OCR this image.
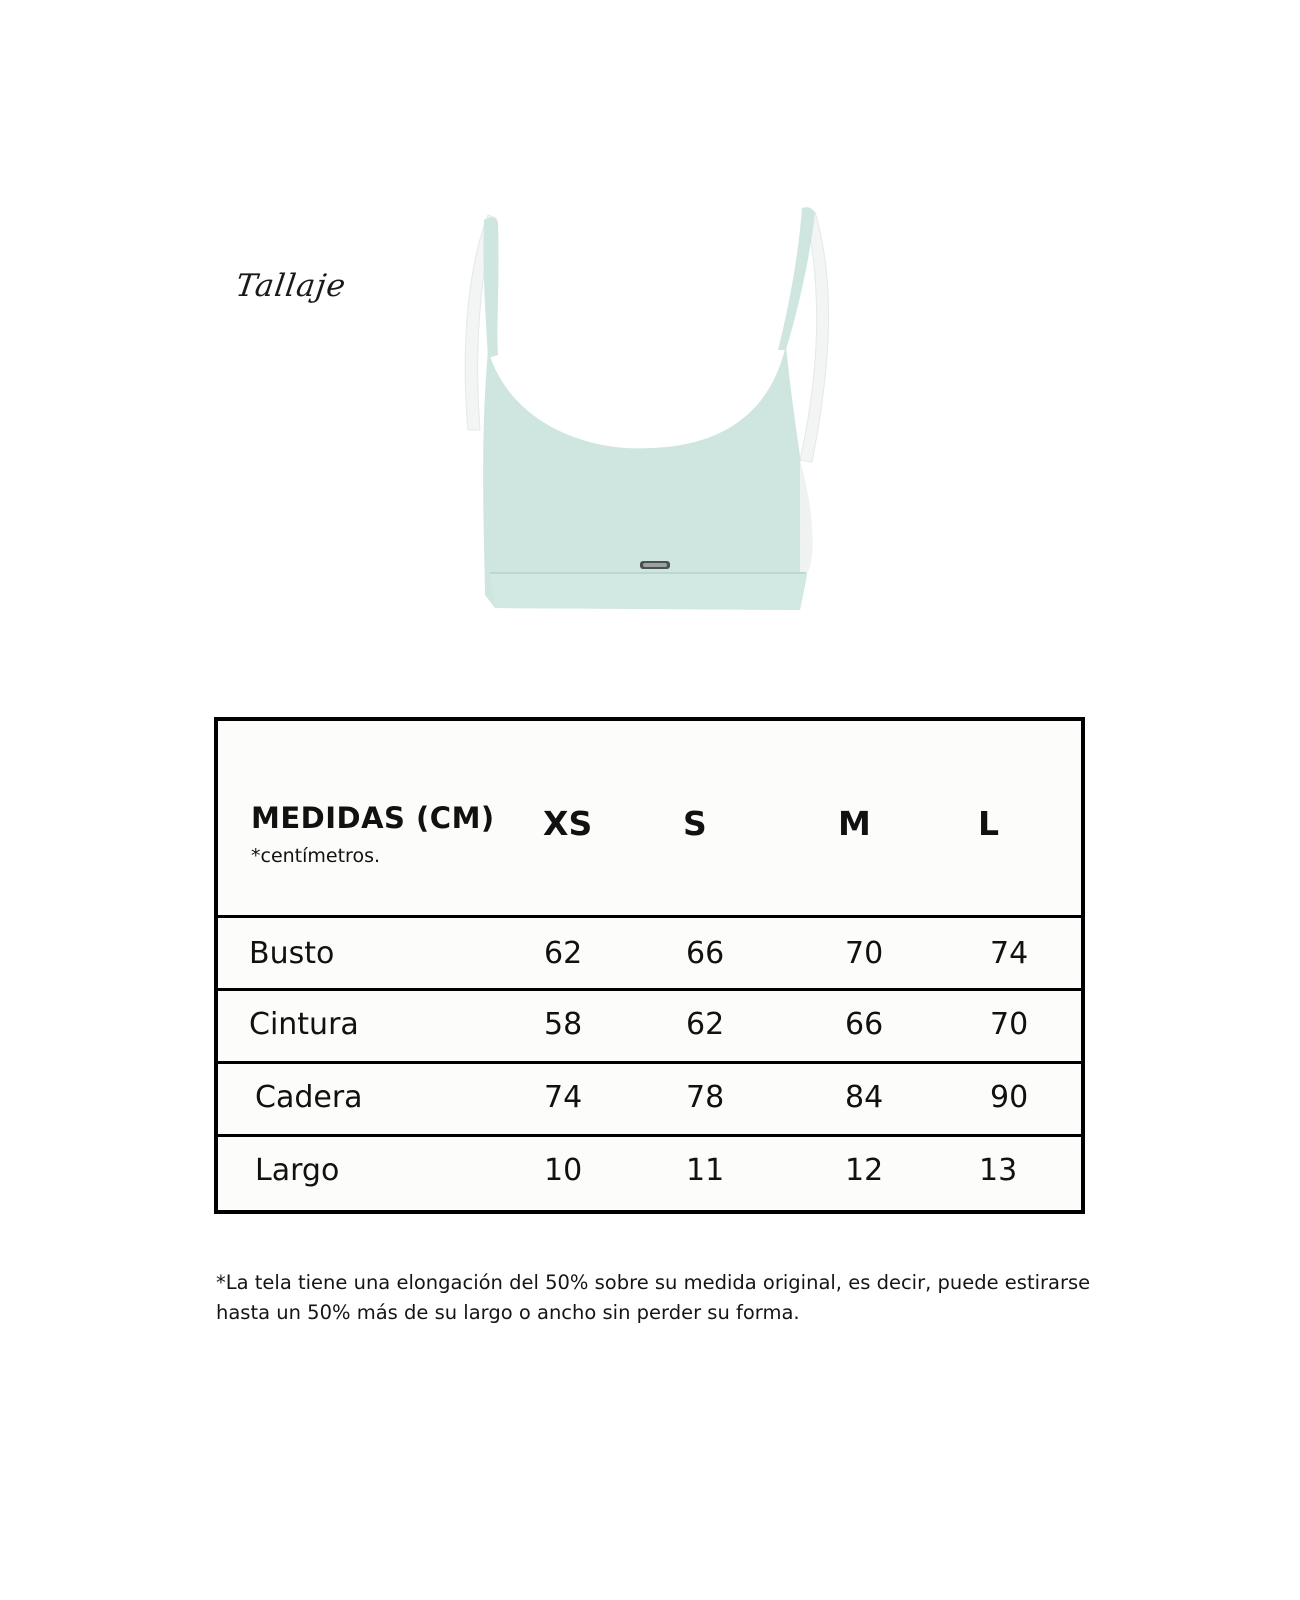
Tallaje
MEDIDAS (CM)
*centímetros.
XS	S	M	L
Busto	62	66	70	74
Cintura	58	62	66	70
Cadera	74	78	84	90
Largo	10	11	12	13
*La tela tiene una elongación del 50% sobre su medida original, es decir, puede estirarse hasta un 50% más de su largo o ancho sin perder su forma.
